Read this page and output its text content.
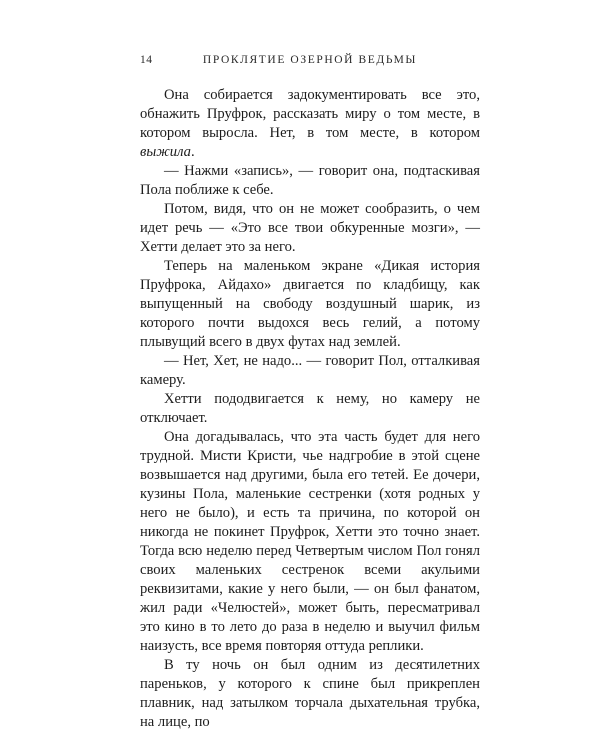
14	ПРОКЛЯТИЕ ОЗЕРНОЙ ВЕДЬМЫ

Она собирается задокументировать все это, обнажить Пруфрок, рассказать миру о том месте, в котором выросла. Нет, в том месте, в котором выжила.

— Нажми «запись», — говорит она, подтаскивая Пола поближе к себе.

Потом, видя, что он не может сообразить, о чем идет речь — «Это все твои обкуренные мозги», — Хетти делает это за него.

Теперь на маленьком экране «Дикая история Пруфрока, Айдахо» двигается по кладбищу, как выпущенный на свободу воздушный шарик, из которого почти выдохся весь гелий, а потому плывущий всего в двух футах над землей.

— Нет, Хет, не надо... — говорит Пол, отталкивая камеру.

Хетти пододвигается к нему, но камеру не отключает.

Она догадывалась, что эта часть будет для него трудной. Мисти Кристи, чье надгробие в этой сцене возвышается над другими, была его тетей. Ее дочери, кузины Пола, маленькие сестренки (хотя родных у него не было), и есть та причина, по которой он никогда не покинет Пруфрок, Хетти это точно знает. Тогда всю неделю перед Четвертым числом Пол гонял своих маленьких сестренок всеми акульими реквизитами, какие у него были, — он был фанатом, жил ради «Челюстей», может быть, пересматривал это кино в то лето до раза в неделю и выучил фильм наизусть, все время повторяя оттуда реплики.

В ту ночь он был одним из десятилетних пареньков, у которого к спине был прикреплен плавник, над затылком торчала дыхательная трубка, на лице, по
